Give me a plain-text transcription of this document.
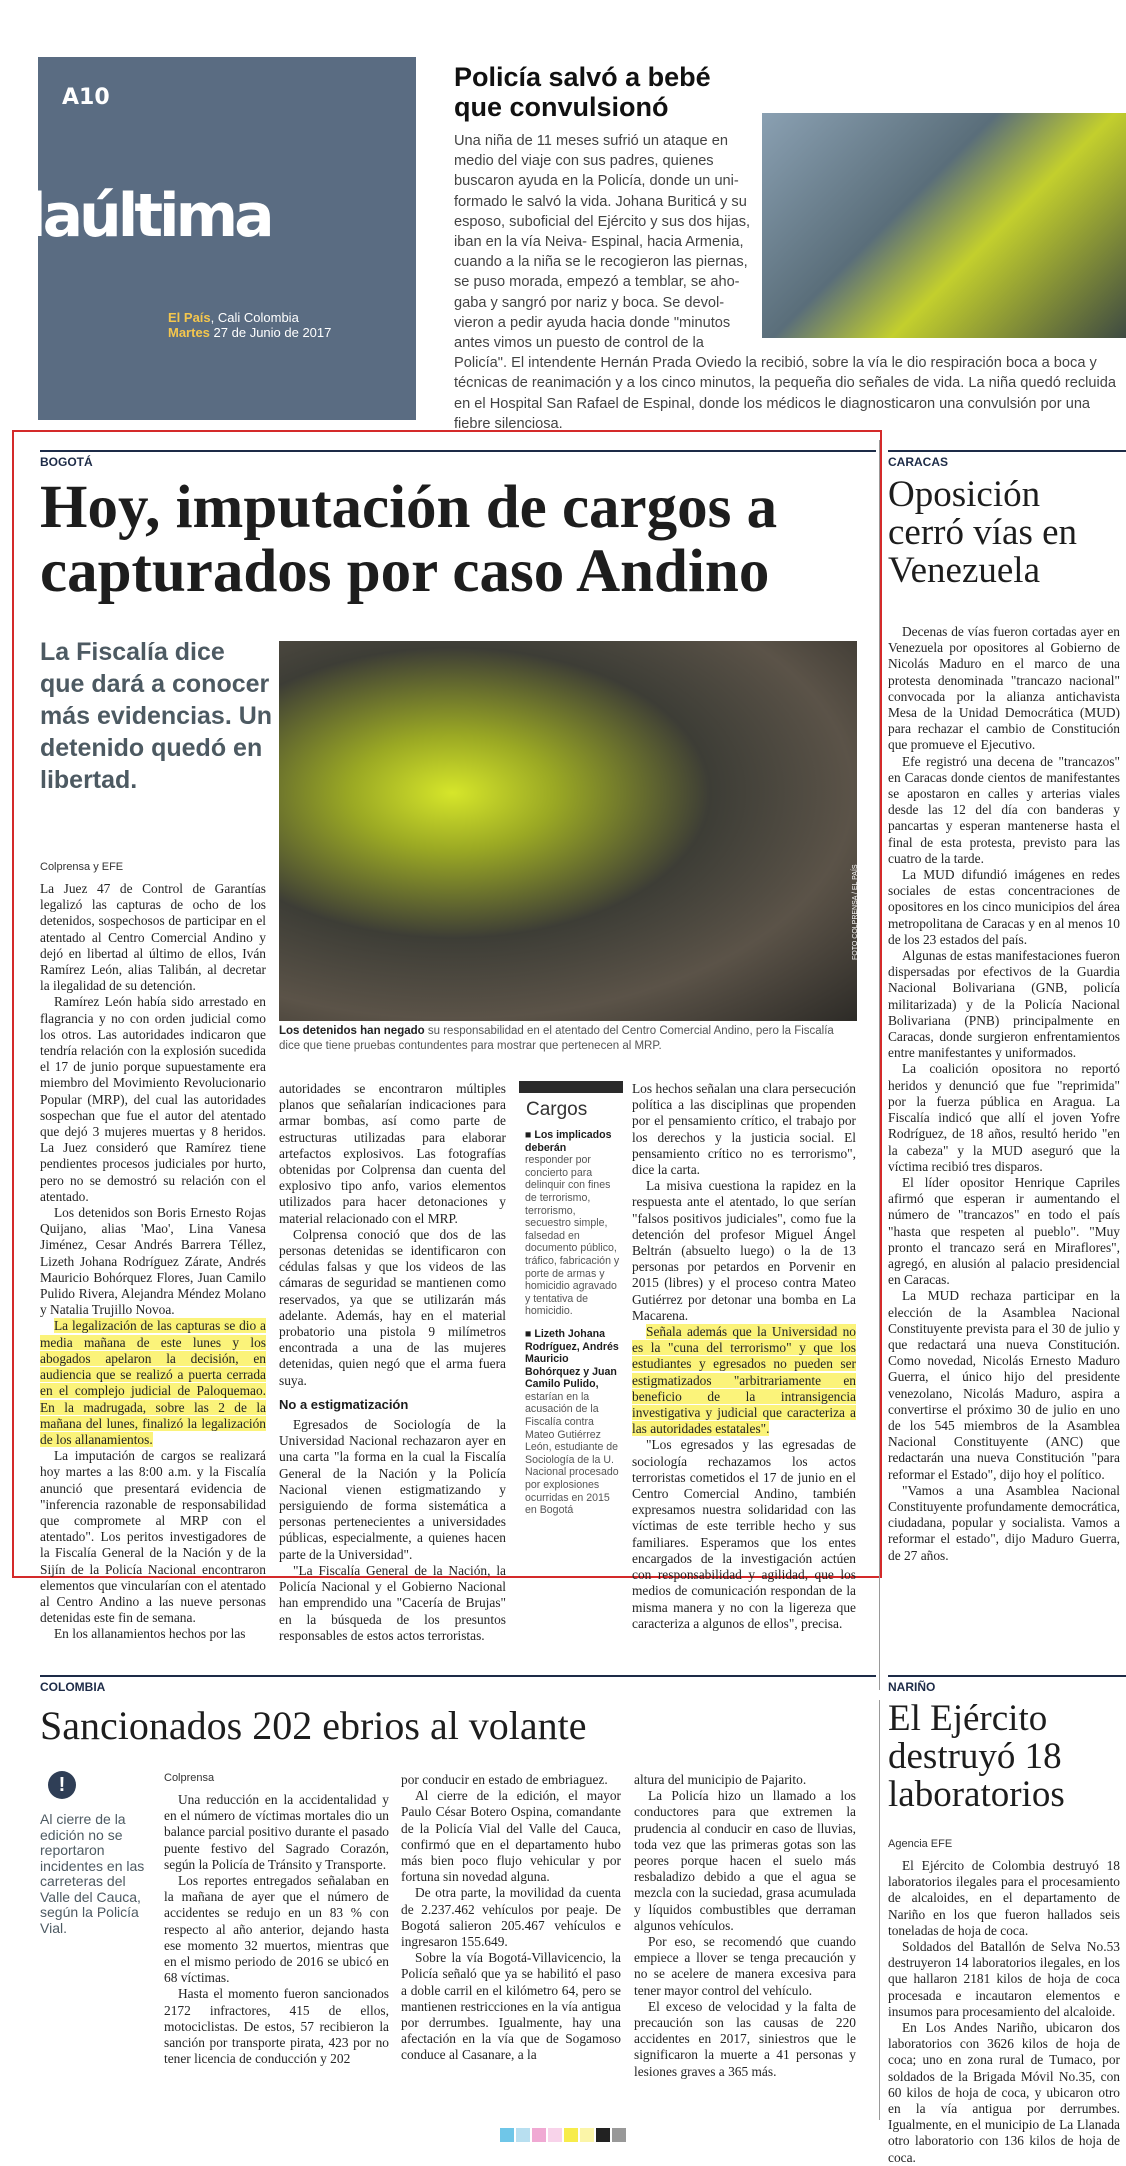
A10
laúltima
El País, Cali Colombia
Martes 27 de Junio de 2017
Policía salvó a bebé que convulsionó
Una niña de 11 meses sufrió un ataque en
medio del viaje con sus padres, quienes
buscaron ayuda en la Policía, donde un uni-
formado le salvó la vida. Johana Buriticá y su
esposo, suboficial del Ejército y sus dos hijas,
iban en la vía Neiva- Espinal, hacia Armenia,
cuando a la niña se le recogieron las piernas,
se puso morada, empezó a temblar, se aho-
gaba y sangró por nariz y boca. Se devol-
vieron a pedir ayuda hacia donde "minutos
antes vimos un puesto de control de la
Policía". El intendente Hernán Prada Oviedo la recibió, sobre la vía le dio respiración boca a boca y
técnicas de reanimación y a los cinco minutos, la pequeña dio señales de vida. La niña quedó recluida
en el Hospital San Rafael de Espinal, donde los médicos le diagnosticaron una convulsión por una
fiebre silenciosa.
BOGOTÁ
Hoy, imputación de cargos a
capturados por caso Andino
La Fiscalía dice que dará a conocer más evidencias. Un detenido quedó en libertad.
Colprensa y EFE	FOTO COLPRENSA / EL PAÍS
Los detenidos han negado su responsabilidad en el atentado del Centro Comercial Andino, pero la Fiscalía dice que tiene pruebas contundentes para mostrar que pertenecen al MRP.

La Juez 47 de Control de Garantías legalizó las capturas de ocho de los detenidos, sospechosos de participar en el atentado al Centro Comercial Andino y dejó en libertad al último de ellos, Iván Ramírez León, alias Talibán, al decretar la ilegalidad de su detención.

Ramírez León había sido arrestado en flagrancia y no con orden judicial como los otros. Las autoridades indicaron que tendría relación con la explosión sucedida el 17 de junio porque supuestamente era miembro del Movimiento Revolucionario Popular (MRP), del cual las autoridades sospechan que fue el autor del atentado que dejó 3 mujeres muertas y 8 heridos. La Juez consideró que Ramírez tiene pendientes procesos judiciales por hurto, pero no se demostró su relación con el atentado.

Los detenidos son Boris Ernesto Rojas Quijano, alias 'Mao', Lina Vanesa Jiménez, Cesar Andrés Barrera Téllez, Lizeth Johana Rodríguez Zárate, Andrés Mauricio Bohórquez Flores, Juan Camilo Pulido Rivera, Alejandra Méndez Molano y Natalia Trujillo Novoa.

La legalización de las capturas se dio a media mañana de este lunes y los abogados apelaron la decisión, en audiencia que se realizó a puerta cerrada en el complejo judicial de Paloquemao. En la madrugada, sobre las 2 de la mañana del lunes, finalizó la legalización de los allanamientos.

La imputación de cargos se realizará hoy martes a las 8:00 a.m. y la Fiscalía anunció que presentará evidencia de "inferencia razonable de responsabilidad que compromete al MRP con el atentado". Los peritos investigadores de la Fiscalía General de la Nación y de la Sijín de la Policía Nacional encontraron elementos que vincularían con el atentado al Centro Andino a las nueve personas detenidas este fin de semana.

En los allanamientos hechos por las

autoridades se encontraron múltiples planos que señalarían indicaciones para armar bombas, así como parte de estructuras utilizadas para elaborar artefactos explosivos. Las fotografías obtenidas por Colprensa dan cuenta del explosivo tipo anfo, varios elementos utilizados para hacer detonaciones y material relacionado con el MRP.

Colprensa conoció que dos de las personas detenidas se identificaron con cédulas falsas y que los videos de las cámaras de seguridad se mantienen como reservados, ya que se utilizarán más adelante. Además, hay en el material probatorio una pistola 9 milímetros encontrada a una de las mujeres detenidas, quien negó que el arma fuera suya.

No a estigmatización

Egresados de Sociología de la Universidad Nacional rechazaron ayer en una carta "la forma en la cual la Fiscalía General de la Nación y la Policía Nacional vienen estigmatizando y persiguiendo de forma sistemática a personas pertenecientes a universidades públicas, especialmente, a quienes hacen parte de la Universidad".

"La Fiscalía General de la Nación, la Policía Nacional y el Gobierno Nacional han emprendido una "Cacería de Brujas" en la búsqueda de los presuntos responsables de estos actos terroristas.

Cargos
■ Los implicados deberán
responder por concierto para delinquir con fines de terrorismo, terrorismo, secuestro simple, falsedad en documento público, tráfico, fabricación y porte de armas y homicidio agravado y tentativa de homicidio.
■ Lizeth Johana Rodríguez, Andrés Mauricio Bohórquez y Juan Camilo Pulido,
estarían en la acusación de la Fiscalía contra Mateo Gutiérrez León, estudiante de Sociología de la U. Nacional procesado por explosiones ocurridas en 2015 en Bogotá

Los hechos señalan una clara persecución política a las disciplinas que propenden por el pensamiento crítico, el trabajo por los derechos y la justicia social. El pensamiento crítico no es terrorismo", dice la carta.

La misiva cuestiona la rapidez en la respuesta ante el atentado, lo que serían "falsos positivos judiciales", como fue la detención del profesor Miguel Ángel Beltrán (absuelto luego) o la de 13 personas por petardos en Porvenir en 2015 (libres) y el proceso contra Mateo Gutiérrez por detonar una bomba en La Macarena.

Señala además que la Universidad no es la "cuna del terrorismo" y que los estudiantes y egresados no pueden ser estigmatizados "arbitrariamente en beneficio de la intransigencia investigativa y judicial que caracteriza a las autoridades estatales".

"Los egresados y las egresadas de sociología rechazamos los actos terroristas cometidos el 17 de junio en el Centro Comercial Andino, también expresamos nuestra solidaridad con las víctimas de este terrible hecho y sus familiares. Esperamos que los entes encargados de la investigación actúen con responsabilidad y agilidad, que los medios de comunicación respondan de la misma manera y no con la ligereza que caracteriza a algunos de ellos", precisa.

CARACAS
Oposición cerró vías en Venezuela

Decenas de vías fueron cortadas ayer en Venezuela por opositores al Gobierno de Nicolás Maduro en el marco de una protesta denominada "trancazo nacional" convocada por la alianza antichavista Mesa de la Unidad Democrática (MUD) para rechazar el cambio de Constitución que promueve el Ejecutivo.

Efe registró una decena de "trancazos" en Caracas donde cientos de manifestantes se apostaron en calles y arterias viales desde las 12 del día con banderas y pancartas y esperan mantenerse hasta el final de esta protesta, previsto para las cuatro de la tarde.

La MUD difundió imágenes en redes sociales de estas concentraciones de opositores en los cinco municipios del área metropolitana de Caracas y en al menos 10 de los 23 estados del país.

Algunas de estas manifestaciones fueron dispersadas por efectivos de la Guardia Nacional Bolivariana (GNB, policía militarizada) y de la Policía Nacional Bolivariana (PNB) principalmente en Caracas, donde surgieron enfrentamientos entre manifestantes y uniformados.

La coalición opositora no reportó heridos y denunció que fue "reprimida" por la fuerza pública en Aragua. La Fiscalía indicó que allí el joven Yofre Rodríguez, de 18 años, resultó herido "en la cabeza" y la MUD aseguró que la víctima recibió tres disparos.

El líder opositor Henrique Capriles afirmó que esperan ir aumentando el número de "trancazos" en todo el país "hasta que respeten al pueblo". "Muy pronto el trancazo será en Miraflores", agregó, en alusión al palacio presidencial en Caracas.

La MUD rechaza participar en la elección de la Asamblea Nacional Constituyente prevista para el 30 de julio y que redactará una nueva Constitución. Como novedad, Nicolás Ernesto Maduro Guerra, el único hijo del presidente venezolano, Nicolás Maduro, aspira a convertirse el próximo 30 de julio en uno de los 545 miembros de la Asamblea Nacional Constituyente (ANC) que redactarán una nueva Constitución "para reformar el Estado", dijo hoy el político.

"Vamos a una Asamblea Nacional Constituyente profundamente democrática, ciudadana, popular y socialista. Vamos a reformar el estado", dijo Maduro Guerra, de 27 años.

NARIÑO
El Ejército destruyó 18 laboratorios
Agencia EFE

El Ejército de Colombia destruyó 18 laboratorios ilegales para el procesamiento de alcaloides, en el departamento de Nariño en los que fueron hallados seis toneladas de hoja de coca.

Soldados del Batallón de Selva No.53 destruyeron 14 laboratorios ilegales, en los que hallaron 2181 kilos de hoja de coca procesada e incautaron elementos e insumos para procesamiento del alcaloide.

En Los Andes Nariño, ubicaron dos laboratorios con 3626 kilos de hoja de coca; uno en zona rural de Tumaco, por soldados de la Brigada Móvil No.35, con 60 kilos de hoja de coca, y ubicaron otro en la vía antigua por derrumbes. Igualmente, en el municipio de La Llanada otro laboratorio con 136 kilos de hoja de coca.

COLOMBIA
Sancionados 202 ebrios al volante
!
Al cierre de la edición no se reportaron incidentes en las carreteras del Valle del Cauca, según la Policía Vial.
Colprensa

Una reducción en la accidentalidad y en el número de víctimas mortales dio un balance parcial positivo durante el pasado puente festivo del Sagrado Corazón, según la Policía de Tránsito y Transporte.

Los reportes entregados señalaban en la mañana de ayer que el número de accidentes se redujo en un 83 % con respecto al año anterior, dejando hasta ese momento 32 muertos, mientras que en el mismo periodo de 2016 se ubicó en 68 víctimas.

Hasta el momento fueron sancionados 2172 infractores, 415 de ellos, motociclistas. De estos, 57 recibieron la sanción por transporte pirata, 423 por no tener licencia de conducción y 202

por conducir en estado de embriaguez.

Al cierre de la edición, el mayor Paulo César Botero Ospina, comandante de la Policía Vial del Valle del Cauca, confirmó que en el departamento hubo más bien poco flujo vehicular y por fortuna sin novedad alguna.

De otra parte, la movilidad da cuenta de 2.237.462 vehículos por peaje. De Bogotá salieron 205.467 vehículos e ingresaron 155.649.

Sobre la vía Bogotá-Villavicencio, la Policía señaló que ya se habilitó el paso a doble carril en el kilómetro 64, pero se mantienen restricciones en la vía antigua por derrumbes. Igualmente, hay una afectación en la vía que de Sogamoso conduce al Casanare, a la

altura del municipio de Pajarito.

La Policía hizo un llamado a los conductores para que extremen la prudencia al conducir en caso de lluvias, toda vez que las primeras gotas son las peores porque hacen el suelo más resbaladizo debido a que el agua se mezcla con la suciedad, grasa acumulada y líquidos combustibles que derraman algunos vehículos.

Por eso, se recomendó que cuando empiece a llover se tenga precaución y no se acelere de manera excesiva para tener mayor control del vehículo.

El exceso de velocidad y la falta de precaución son las causas de 220 accidentes en 2017, siniestros que le significaron la muerte a 41 personas y lesiones graves a 365 más.
